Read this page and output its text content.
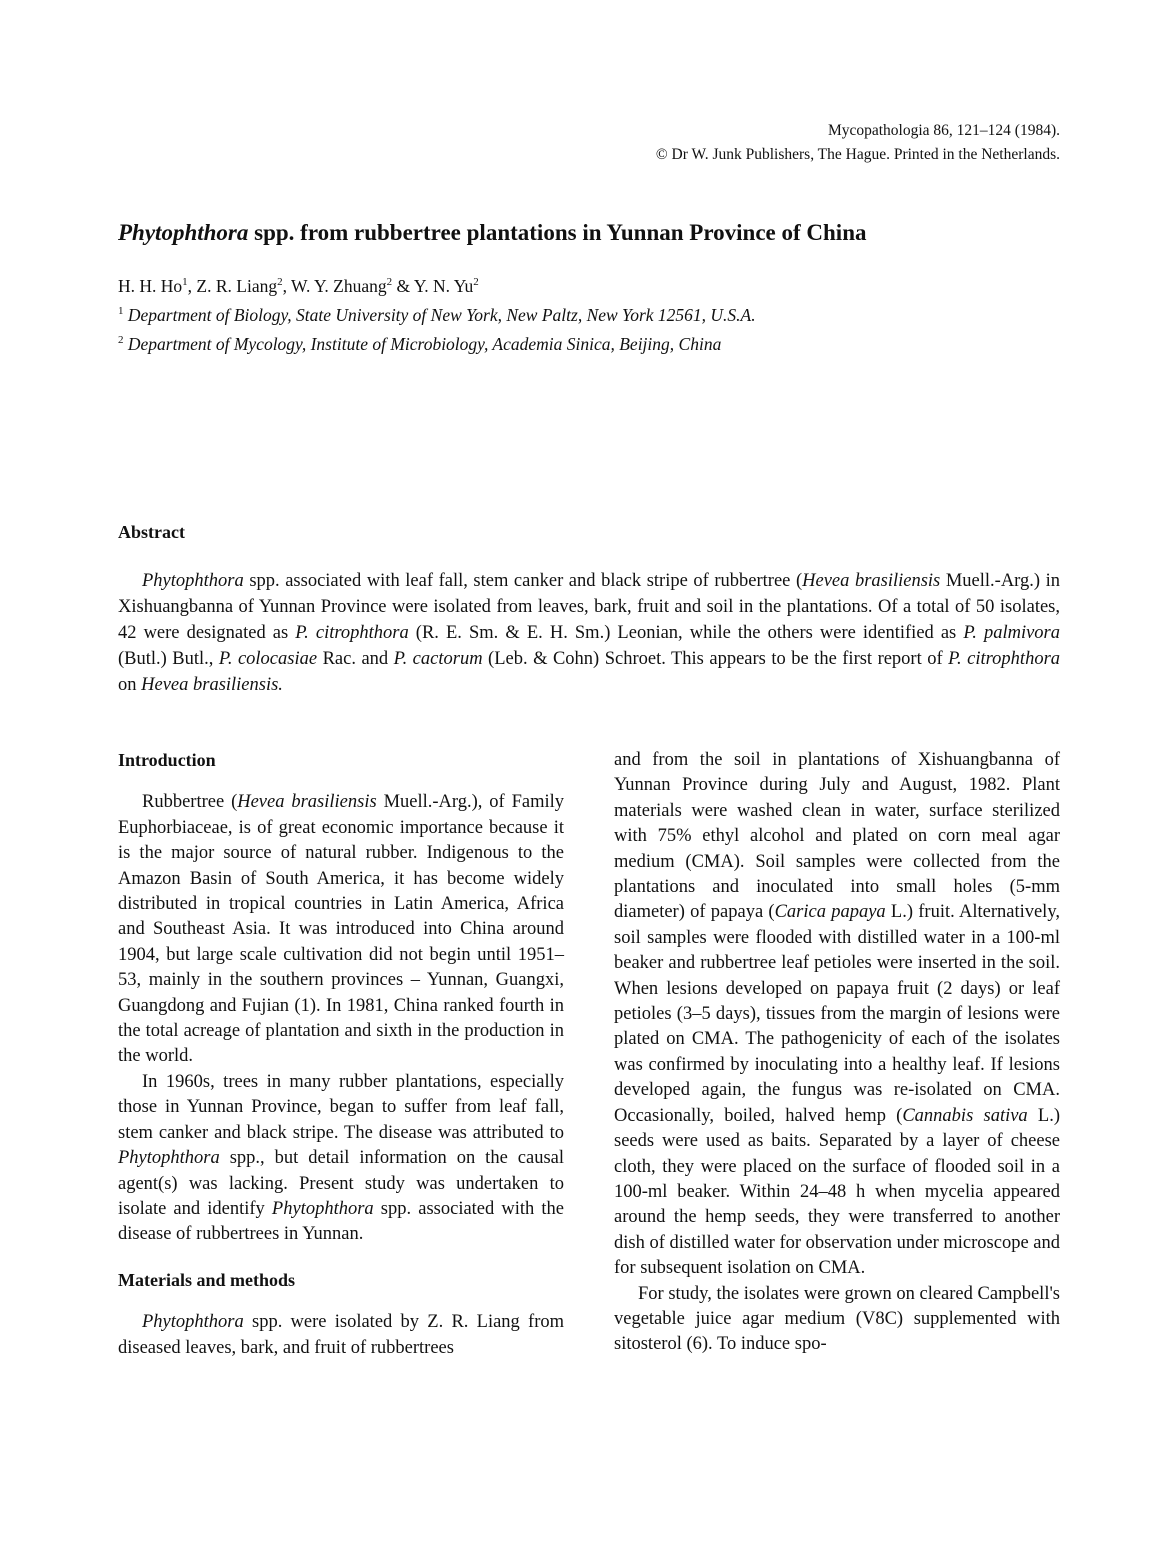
Mycopathologia 86, 121–124 (1984).
© Dr W. Junk Publishers, The Hague. Printed in the Netherlands.
Phytophthora spp. from rubbertree plantations in Yunnan Province of China
H. H. Ho$^1$, Z. R. Liang$^2$, W. Y. Zhuang$^2$ & Y. N. Yu$^2$
$^1$ Department of Biology, State University of New York, New Paltz, New York 12561, U.S.A.
$^2$ Department of Mycology, Institute of Microbiology, Academia Sinica, Beijing, China
Abstract
Phytophthora spp. associated with leaf fall, stem canker and black stripe of rubbertree (Hevea brasiliensis Muell.-Arg.) in Xishuangbanna of Yunnan Province were isolated from leaves, bark, fruit and soil in the plantations. Of a total of 50 isolates, 42 were designated as P. citrophthora (R. E. Sm. & E. H. Sm.) Leonian, while the others were identified as P. palmivora (Butl.) Butl., P. colocasiae Rac. and P. cactorum (Leb. & Cohn) Schroet. This appears to be the first report of P. citrophthora on Hevea brasiliensis.
Introduction

Rubbertree (Hevea brasiliensis Muell.-Arg.), of Family Euphorbiaceae, is of great economic importance because it is the major source of natural rubber. Indigenous to the Amazon Basin of South America, it has become widely distributed in tropical countries in Latin America, Africa and Southeast Asia. It was introduced into China around 1904, but large scale cultivation did not begin until 1951–53, mainly in the southern provinces – Yunnan, Guangxi, Guangdong and Fujian (1). In 1981, China ranked fourth in the total acreage of plantation and sixth in the production in the world.

In 1960s, trees in many rubber plantations, especially those in Yunnan Province, began to suffer from leaf fall, stem canker and black stripe. The disease was attributed to Phytophthora spp., but detail information on the causal agent(s) was lacking. Present study was undertaken to isolate and identify Phytophthora spp. associated with the disease of rubbertrees in Yunnan.

Materials and methods

Phytophthora spp. were isolated by Z. R. Liang from diseased leaves, bark, and fruit of rubbertrees

and from the soil in plantations of Xishuangbanna of Yunnan Province during July and August, 1982. Plant materials were washed clean in water, surface sterilized with 75% ethyl alcohol and plated on corn meal agar medium (CMA). Soil samples were collected from the plantations and inoculated into small holes (5-mm diameter) of papaya (Carica papaya L.) fruit. Alternatively, soil samples were flooded with distilled water in a 100-ml beaker and rubbertree leaf petioles were inserted in the soil. When lesions developed on papaya fruit (2 days) or leaf petioles (3–5 days), tissues from the margin of lesions were plated on CMA. The pathogenicity of each of the isolates was confirmed by inoculating into a healthy leaf. If lesions developed again, the fungus was re-isolated on CMA. Occasionally, boiled, halved hemp (Cannabis sativa L.) seeds were used as baits. Separated by a layer of cheese cloth, they were placed on the surface of flooded soil in a 100-ml beaker. Within 24–48 h when mycelia appeared around the hemp seeds, they were transferred to another dish of distilled water for observation under microscope and for subsequent isolation on CMA.

For study, the isolates were grown on cleared Campbell's vegetable juice agar medium (V8C) supplemented with sitosterol (6). To induce spo-
